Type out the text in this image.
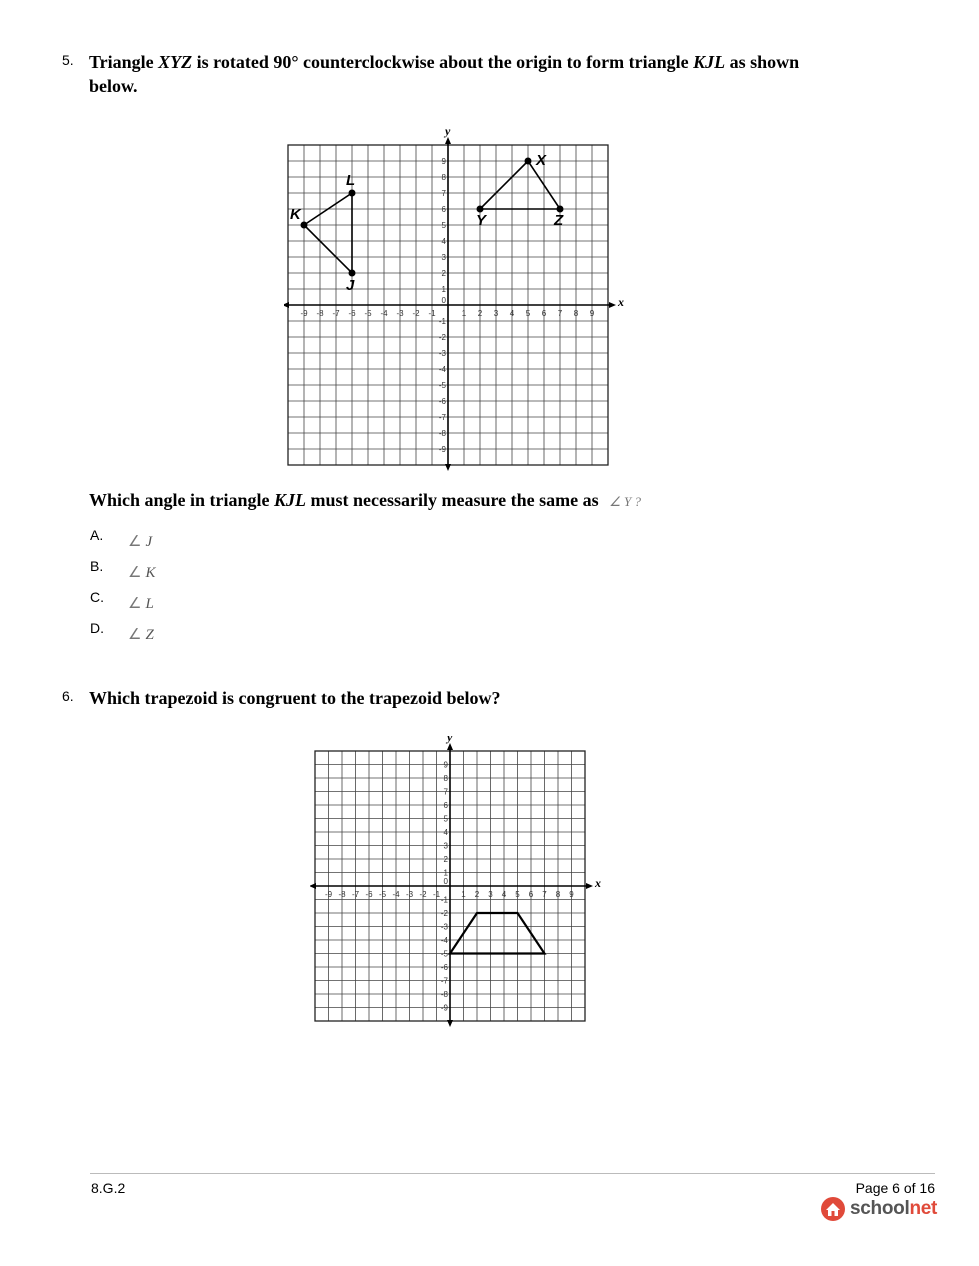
5. Triangle XYZ is rotated 90° counterclockwise about the origin to form triangle KJL as shown
below.
x
y
-9
-9
-8
-8
-7
-7
-6
-6
-5
-5
-4
-4
-3
-3
-2
-2
-1
-1
0
1
1
2
2
3
3
4
4
5
5
6
6
7
7
8
8
9
9	X
Y	Z
K
L
J
Which angle in triangle KJL must necessarily measure the same as ∠ Y ?
A. ∠ J
B. ∠ K
C. ∠ L
D. ∠ Z
6. Which trapezoid is congruent to the trapezoid below?
x
y
-9
-9
-8
-8
-7
-7
-6
-6
-5
-5
-4
-4
-3
-3
-2
-2
-1
-1
0
1
1
2
2
3
3
4
4
5
5
6
6
7
7
8
8
9
9
8.G.2	Page 6 of 16
schoolnet
